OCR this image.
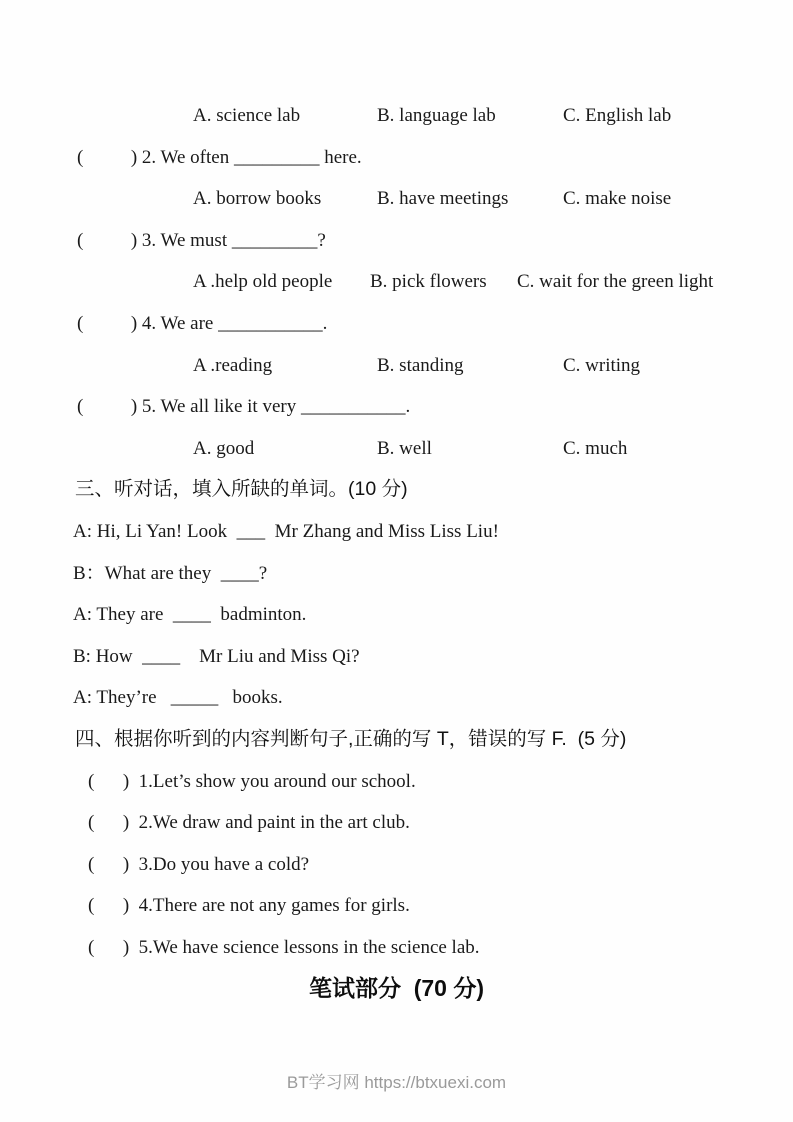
A. science lab

	B. language lab

	C. English lab

(          ) 2. We often _________ here.

A. borrow books

	B. have meetings

	C. make noise

(          ) 3. We must _________?

A .help old people

B. pick flowers

C. wait for the green light

(          ) 4. We are ___________.

A .reading

	B. standing

	C. writing

(          ) 5. We all like it very ___________.

A. good

	B. well

	C. much

三、听对话，填入所缺的单词。(10 分)
A: Hi, Li Yan! Look  ___  Mr Zhang and Miss Liss Liu!
B：What are they  ____?
A: They are  ____  badminton.
B: How  ____    Mr Liu and Miss Qi?
A: They’re   _____   books.
四、根据你听到的内容判断句子,正确的写 T，错误的写 F.  (5 分)
(      )  1.Let’s show you around our school.
(      )  2.We draw and paint in the art club.
(      )  3.Do you have a cold?
(      )  4.There are not any games for girls.
(      )  5.We have science lessons in the science lab.
笔试部分  (70 分)
BT学习网 https://btxuexi.com
